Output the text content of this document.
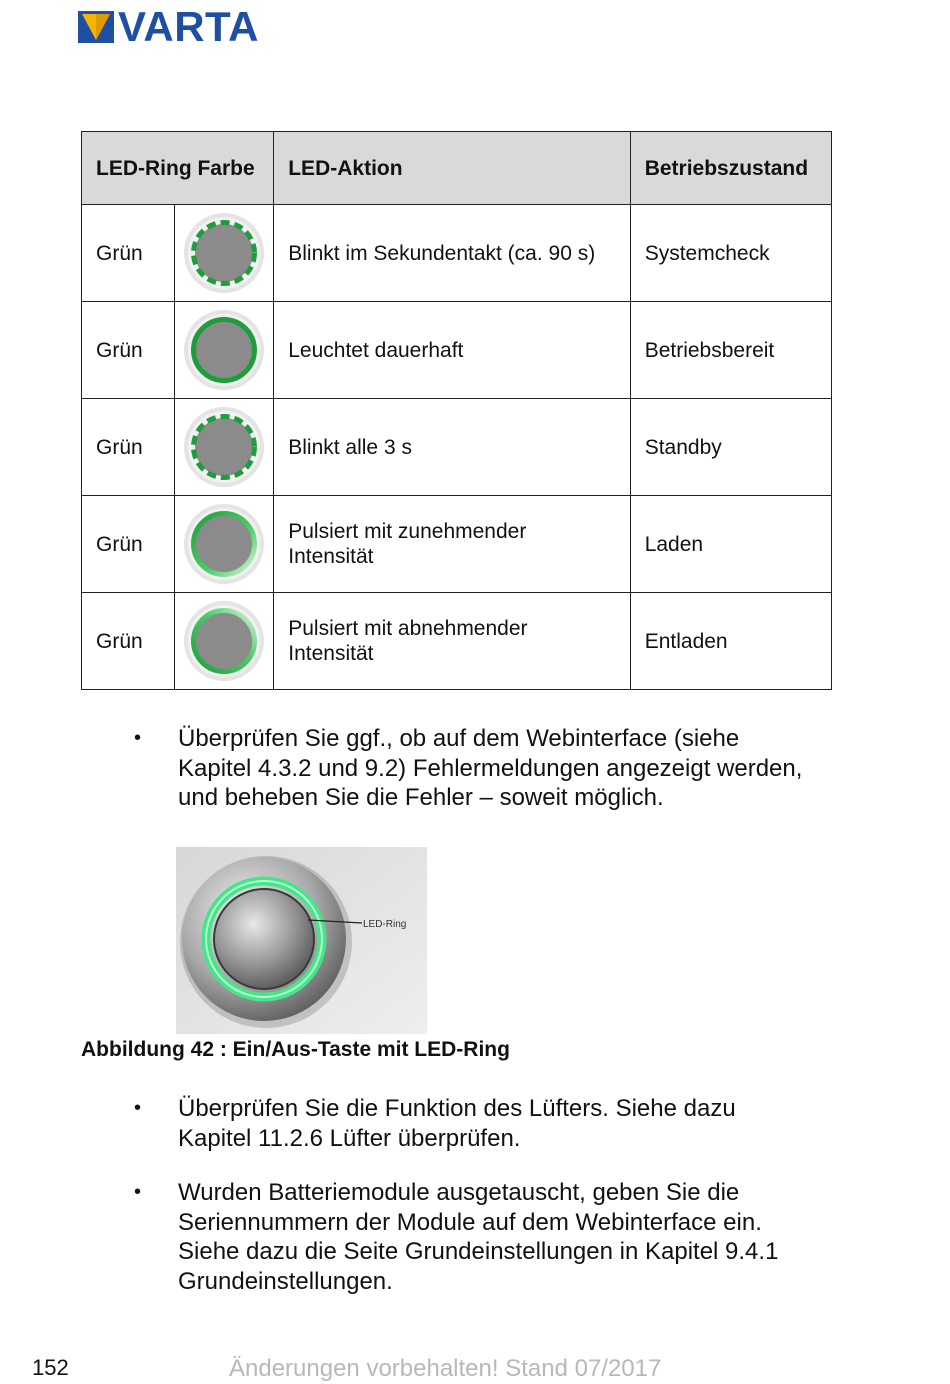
VARTA
LED-Ring Farbe		LED-Aktion	Betriebszustand
Grün		Blinkt im Sekundentakt (ca. 90 s)	Systemcheck
Grün		Leuchtet dauerhaft	Betriebsbereit
Grün		Blinkt alle 3 s	Standby
Grün		Pulsiert mit zunehmender Intensität	Laden
Grün		Pulsiert mit abnehmender Intensität	Entladen
• Überprüfen Sie ggf., ob auf dem Webinterface (siehe Kapitel 4.3.2 und 9.2) Fehlermeldungen angezeigt werden, und beheben Sie die Fehler – soweit möglich.
LED-Ring
Abbildung 42 : Ein/Aus-Taste mit LED-Ring
• Überprüfen Sie die Funktion des Lüfters. Siehe dazu Kapitel 11.2.6 Lüfter überprüfen.
• Wurden Batteriemodule ausgetauscht, geben Sie die Seriennummern der Module auf dem Webinterface ein. Siehe dazu die Seite Grundeinstellungen in Kapitel 9.4.1 Grundeinstellungen.
152	Änderungen vorbehalten! Stand 07/2017
